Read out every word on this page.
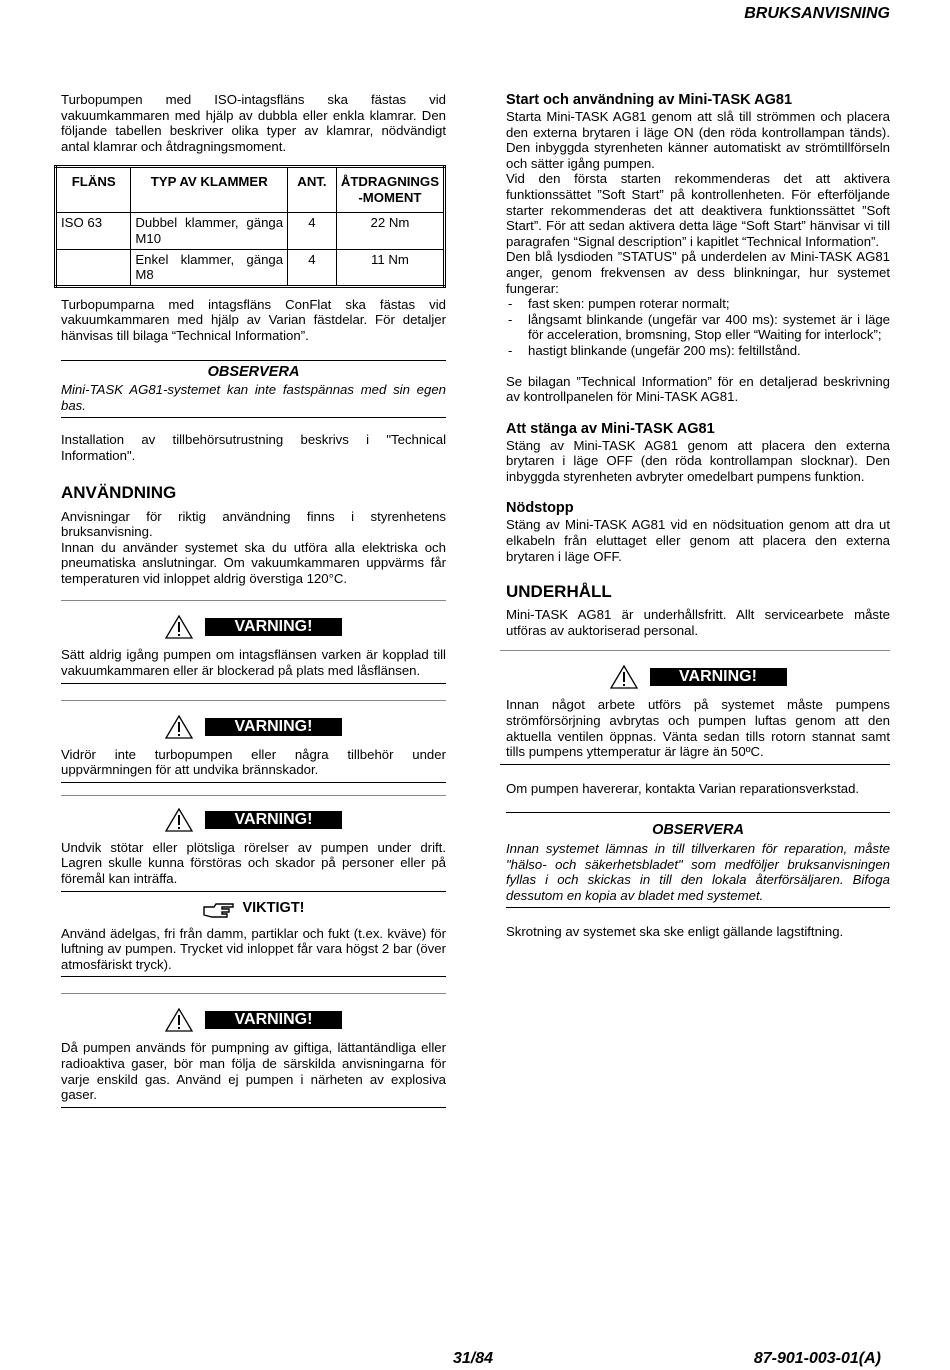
BRUKSANVISNING

Turbopumpen med ISO-intagsfläns ska fästas vid vakuumkammaren med hjälp av dubbla eller enkla klamrar. Den följande tabellen beskriver olika typer av klamrar, nödvändigt antal klamrar och åtdragningsmoment.

FLÄNS	TYP AV KLAMMER	ANT.	ÅTDRAGNINGS -MOMENT
ISO 63	Dubbel klammer, gänga M10	4	22 Nm
	Enkel klammer, gänga M8	4	11 Nm

Turbopumparna med intagsfläns ConFlat ska fästas vid vakuumkammaren med hjälp av Varian fästdelar. För detaljer hänvisas till bilaga “Technical Information”.

OBSERVERA

Mini-TASK AG81-systemet kan inte fastspännas med sin egen bas.

Installation av tillbehörsutrustning beskrivs i "Technical Information".

ANVÄNDNING

Anvisningar för riktig användning finns i styrenhetens bruksanvisning.

Innan du använder systemet ska du utföra alla elektriska och pneumatiska anslutningar. Om vakuumkammaren uppvärms får temperaturen vid inloppet aldrig överstiga 120°C.

VARNING!

Sätt aldrig igång pumpen om intagsflänsen varken är kopplad till vakuumkammaren eller är blockerad på plats med låsflänsen.

VARNING!

Vidrör inte turbopumpen eller några tillbehör under uppvärmningen för att undvika brännskador.

VARNING!

Undvik stötar eller plötsliga rörelser av pumpen under drift. Lagren skulle kunna förstöras och skador på personer eller på föremål kan inträffa.

VIKTIGT!

Använd ädelgas, fri från damm, partiklar och fukt (t.ex. kväve) för luftning av pumpen. Trycket vid inloppet får vara högst 2 bar (över atmosfäriskt tryck).

VARNING!

Då pumpen används för pumpning av giftiga, lättantändliga eller radioaktiva gaser, bör man följa de särskilda anvisningarna för varje enskild gas. Använd ej pumpen i närheten av explosiva gaser.

Start och användning av Mini-TASK AG81

Starta Mini-TASK AG81 genom att slå till strömmen och placera den externa brytaren i läge ON (den röda kontrollampan tänds). Den inbyggda styrenheten känner automatiskt av strömtillförseln och sätter igång pumpen.

Vid den första starten rekommenderas det att aktivera funktionssättet ”Soft Start” på kontrollenheten. För efterföljande starter rekommenderas det att deaktivera funktionssättet ”Soft Start”. För att sedan aktivera detta läge “Soft Start” hänvisar vi till paragrafen “Signal description” i kapitlet “Technical Information”.

Den blå lysdioden ”STATUS” på underdelen av Mini-TASK AG81 anger, genom frekvensen av dess blinkningar, hur systemet fungerar:

- fast sken: pumpen roterar normalt;
- långsamt blinkande (ungefär var 400 ms): systemet är i läge för acceleration, bromsning, Stop eller “Waiting for interlock”;
- hastigt blinkande (ungefär 200 ms): feltillstånd.

Se bilagan ”Technical Information” för en detaljerad beskrivning av kontrollpanelen för Mini-TASK AG81.

Att stänga av Mini-TASK AG81

Stäng av Mini-TASK AG81 genom att placera den externa brytaren i läge OFF (den röda kontrollampan slocknar). Den inbyggda styrenheten avbryter omedelbart pumpens funktion.

Nödstopp

Stäng av Mini-TASK AG81 vid en nödsituation genom att dra ut elkabeln från eluttaget eller genom att placera den externa brytaren i läge OFF.

UNDERHÅLL

Mini-TASK AG81 är underhållsfritt. Allt servicearbete måste utföras av auktoriserad personal.

VARNING!

Innan något arbete utförs på systemet måste pumpens strömförsörjning avbrytas och pumpen luftas genom att den aktuella ventilen öppnas. Vänta sedan tills rotorn stannat samt tills pumpens yttemperatur är lägre än 50ºC.

Om pumpen havererar, kontakta Varian reparationsverkstad.

OBSERVERA

Innan systemet lämnas in till tillverkaren för reparation, måste "hälso- och säkerhetsbladet" som medföljer bruksanvisningen fyllas i och skickas in till den lokala återförsäljaren. Bifoga dessutom en kopia av bladet med systemet.

Skrotning av systemet ska ske enligt gällande lagstiftning.

31/84	87-901-003-01(A)
